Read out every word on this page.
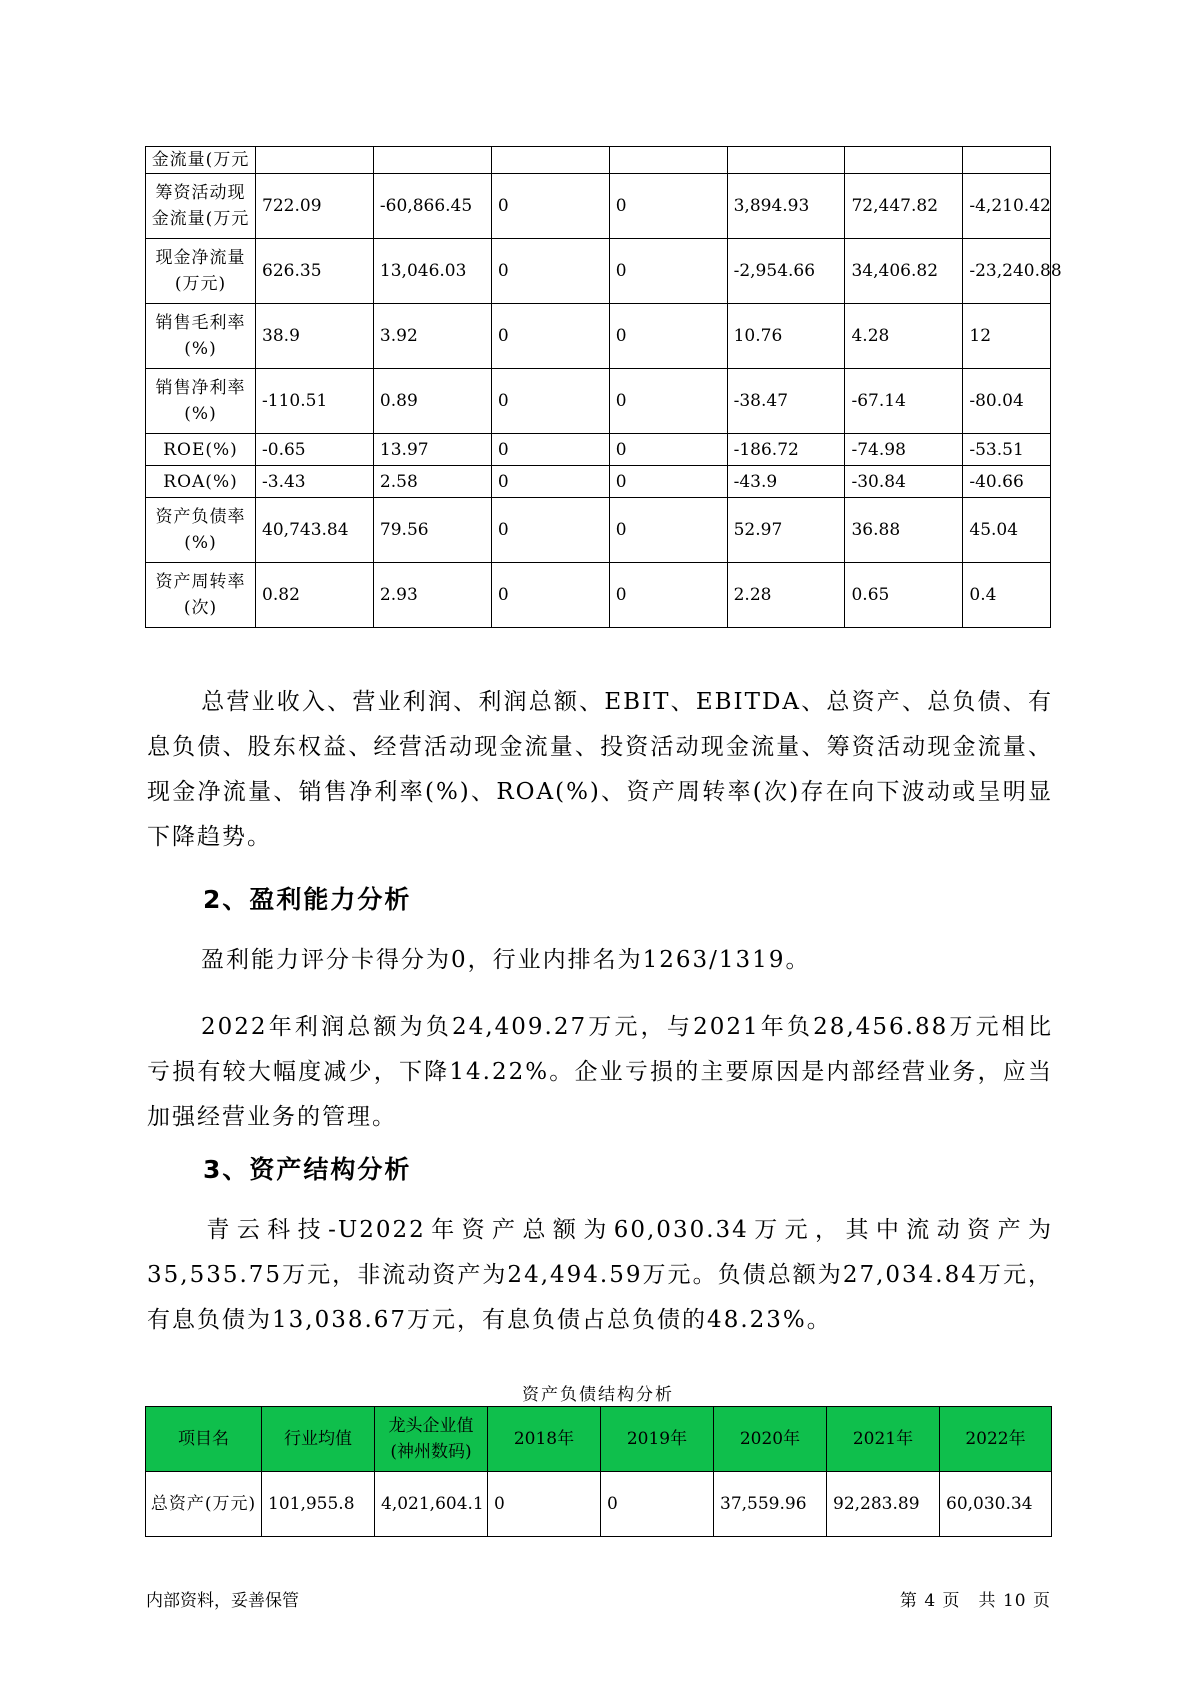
金流量(万元							
筹资活动现金流量(万元	722.09	-60,866.45	0	0	3,894.93	72,447.82	-4,210.42
现金净流量(万元)	626.35	13,046.03	0	0	-2,954.66	34,406.82	-23,240.88
销售毛利率(%)	38.9	3.92	0	0	10.76	4.28	12
销售净利率(%)	-110.51	0.89	0	0	-38.47	-67.14	-80.04
ROE(%)	-0.65	13.97	0	0	-186.72	-74.98	-53.51
ROA(%)	-3.43	2.58	0	0	-43.9	-30.84	-40.66
资产负债率(%)	40,743.84	79.56	0	0	52.97	36.88	45.04
资产周转率(次)	0.82	2.93	0	0	2.28	0.65	0.4
总营业收入、营业利润、利润总额、EBIT、EBITDA、总资产、总负债、有息负债、股东权益、经营活动现金流量、投资活动现金流量、筹资活动现金流量、现金净流量、销售净利率(%)、ROA(%)、资产周转率(次)存在向下波动或呈明显下降趋势。
2、盈利能力分析
盈利能力评分卡得分为0，行业内排名为1263/1319。
2022年利润总额为负24,409.27万元，与2021年负28,456.88万元相比亏损有较大幅度减少，下降14.22%。企业亏损的主要原因是内部经营业务，应当加强经营业务的管理。
3、资产结构分析
青云科技-U2022年资产总额为60,030.34万元，其中流动资产为35,535.75万元，非流动资产为24,494.59万元。负债总额为27,034.84万元，有息负债为13,038.67万元，有息负债占总负债的48.23%。
资产负债结构分析
项目名	行业均值	龙头企业值(神州数码)	2018年	2019年	2020年	2021年	2022年
总资产(万元)	101,955.8	4,021,604.1	0	0	37,559.96	92,283.89	60,030.34
内部资料，妥善保管	第 4 页　共 10 页
